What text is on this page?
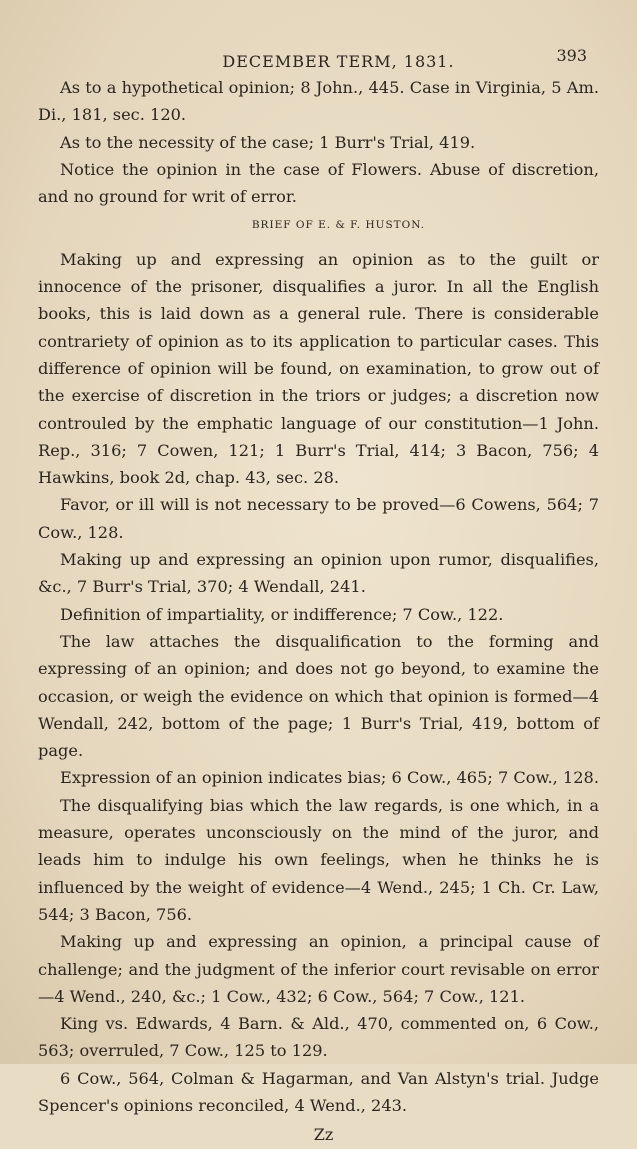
DECEMBER TERM, 1831.	393

As to a hypothetical opinion; 8 John., 445. Case in Virginia, 5 Am. Di., 181, sec. 120.

As to the necessity of the case; 1 Burr's Trial, 419.

Notice the opinion in the case of Flowers. Abuse of discretion, and no ground for writ of error.

BRIEF OF E. & F. HUSTON.

Making up and expressing an opinion as to the guilt or innocence of the prisoner, disqualifies a juror. In all the English books, this is laid down as a general rule. There is considerable contrariety of opinion as to its application to particular cases. This difference of opinion will be found, on examination, to grow out of the exercise of discretion in the triors or judges; a discretion now controuled by the emphatic language of our constitution—1 John. Rep., 316; 7 Cowen, 121; 1 Burr's Trial, 414; 3 Bacon, 756; 4 Hawkins, book 2d, chap. 43, sec. 28.

Favor, or ill will is not necessary to be proved—6 Cowens, 564; 7 Cow., 128.

Making up and expressing an opinion upon rumor, disqualifies, &c., 7 Burr's Trial, 370; 4 Wendall, 241.

Definition of impartiality, or indifference; 7 Cow., 122.

The law attaches the disqualification to the forming and expressing of an opinion; and does not go beyond, to examine the occasion, or weigh the evidence on which that opinion is formed—4 Wendall, 242, bottom of the page; 1 Burr's Trial, 419, bottom of page.

Expression of an opinion indicates bias; 6 Cow., 465; 7 Cow., 128.

The disqualifying bias which the law regards, is one which, in a measure, operates unconsciously on the mind of the juror, and leads him to indulge his own feelings, when he thinks he is influenced by the weight of evidence—4 Wend., 245; 1 Ch. Cr. Law, 544; 3 Bacon, 756.

Making up and expressing an opinion, a principal cause of challenge; and the judgment of the inferior court revisable on error—4 Wend., 240, &c.; 1 Cow., 432; 6 Cow., 564; 7 Cow., 121.

King vs. Edwards, 4 Barn. & Ald., 470, commented on, 6 Cow., 563; overruled, 7 Cow., 125 to 129.

6 Cow., 564, Colman & Hagarman, and Van Alstyn's trial. Judge Spencer's opinions reconciled, 4 Wend., 243.

Zz
